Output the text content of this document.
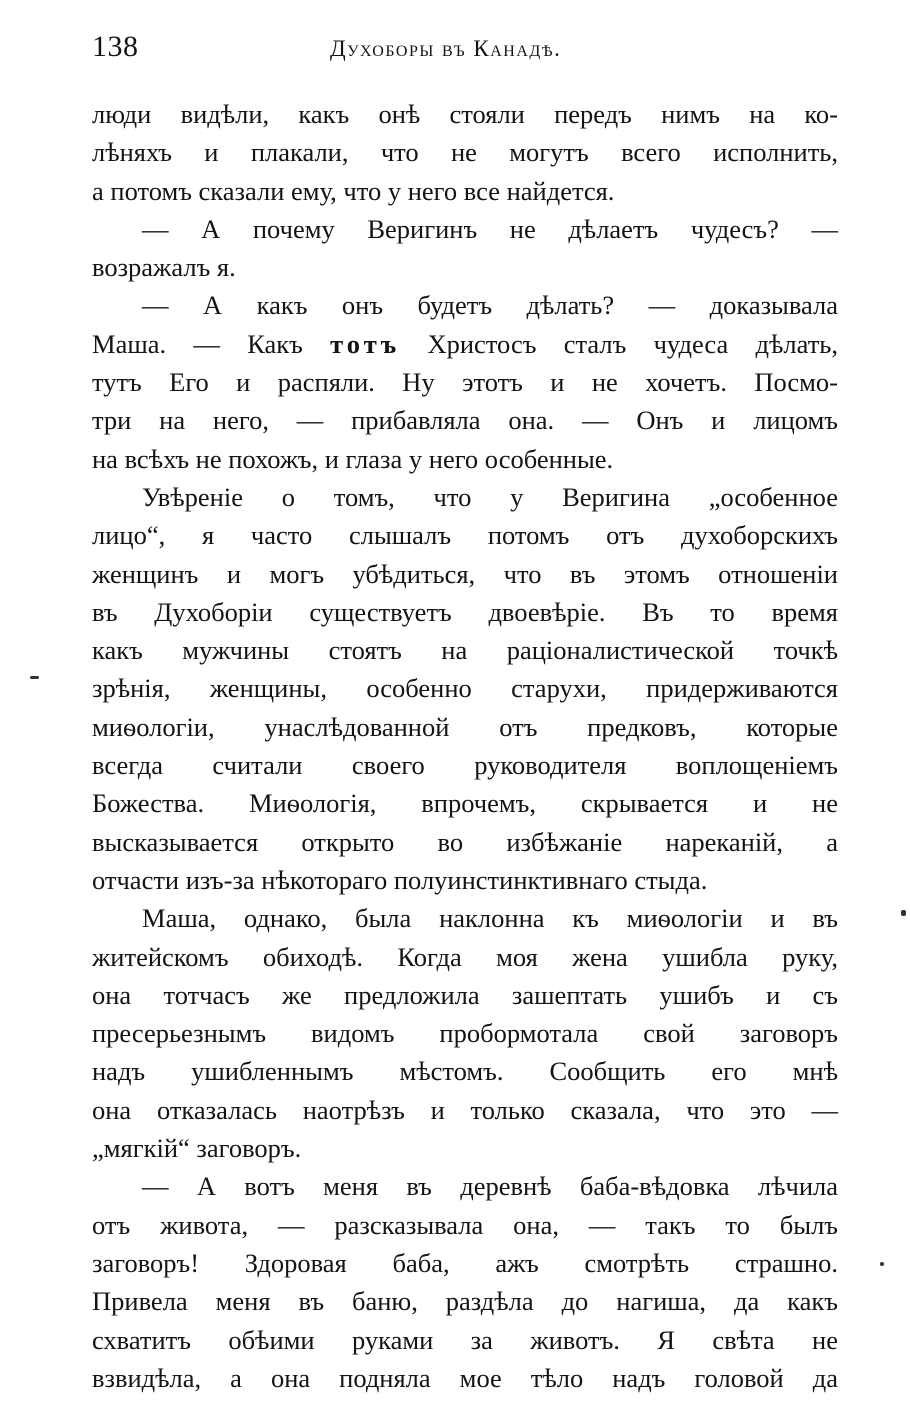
138	Духоборы въ Канадѣ.
люди видѣли, какъ онѣ стояли передъ нимъ на ко-
лѣняхъ и плакали, что не могутъ всего исполнить,
а потомъ сказали ему, что у него все найдется.
— А почему Веригинъ не дѣлаетъ чудесъ? —
возражалъ я.
— А какъ онъ будетъ дѣлать? — доказывала
Маша. — Какъ тотъ Христосъ сталъ чудеса дѣлать,
тутъ Его и распяли. Ну этотъ и не хочетъ. Посмо-
три на него, — прибавляла она. — Онъ и лицомъ
на всѣхъ не похожъ, и глаза у него особенные.
Увѣреніе о томъ, что у Веригина „особенное
лицо“, я часто слышалъ потомъ отъ духоборскихъ
женщинъ и могъ убѣдиться, что въ этомъ отношеніи
въ Духоборіи существуетъ двоевѣріе. Въ то время
какъ мужчины стоятъ на раціоналистической точкѣ
зрѣнія, женщины, особенно старухи, придерживаются
миѳологіи, унаслѣдованной отъ предковъ, которые
всегда считали своего руководителя воплощеніемъ
Божества. Миѳологія, впрочемъ, скрывается и не
высказывается открыто во избѣжаніе нареканій, а
отчасти изъ-за нѣкотораго полуинстинктивнаго стыда.
Маша, однако, была наклонна къ миѳологіи и въ
житейскомъ обиходѣ. Когда моя жена ушибла руку,
она тотчасъ же предложила зашептать ушибъ и съ
пресерьезнымъ видомъ пробормотала свой заговоръ
надъ ушибленнымъ мѣстомъ. Сообщить его мнѣ
она отказалась наотрѣзъ и только сказала, что это —
„мягкій“ заговоръ.
— А вотъ меня въ деревнѣ баба-вѣдовка лѣчила
отъ живота, — разсказывала она, — такъ то былъ
заговоръ! Здоровая баба, ажъ смотрѣть страшно.
Привела меня въ баню, раздѣла до нагиша, да какъ
схватитъ обѣими руками за животъ. Я свѣта не
взвидѣла, а она подняла мое тѣло надъ головой да
